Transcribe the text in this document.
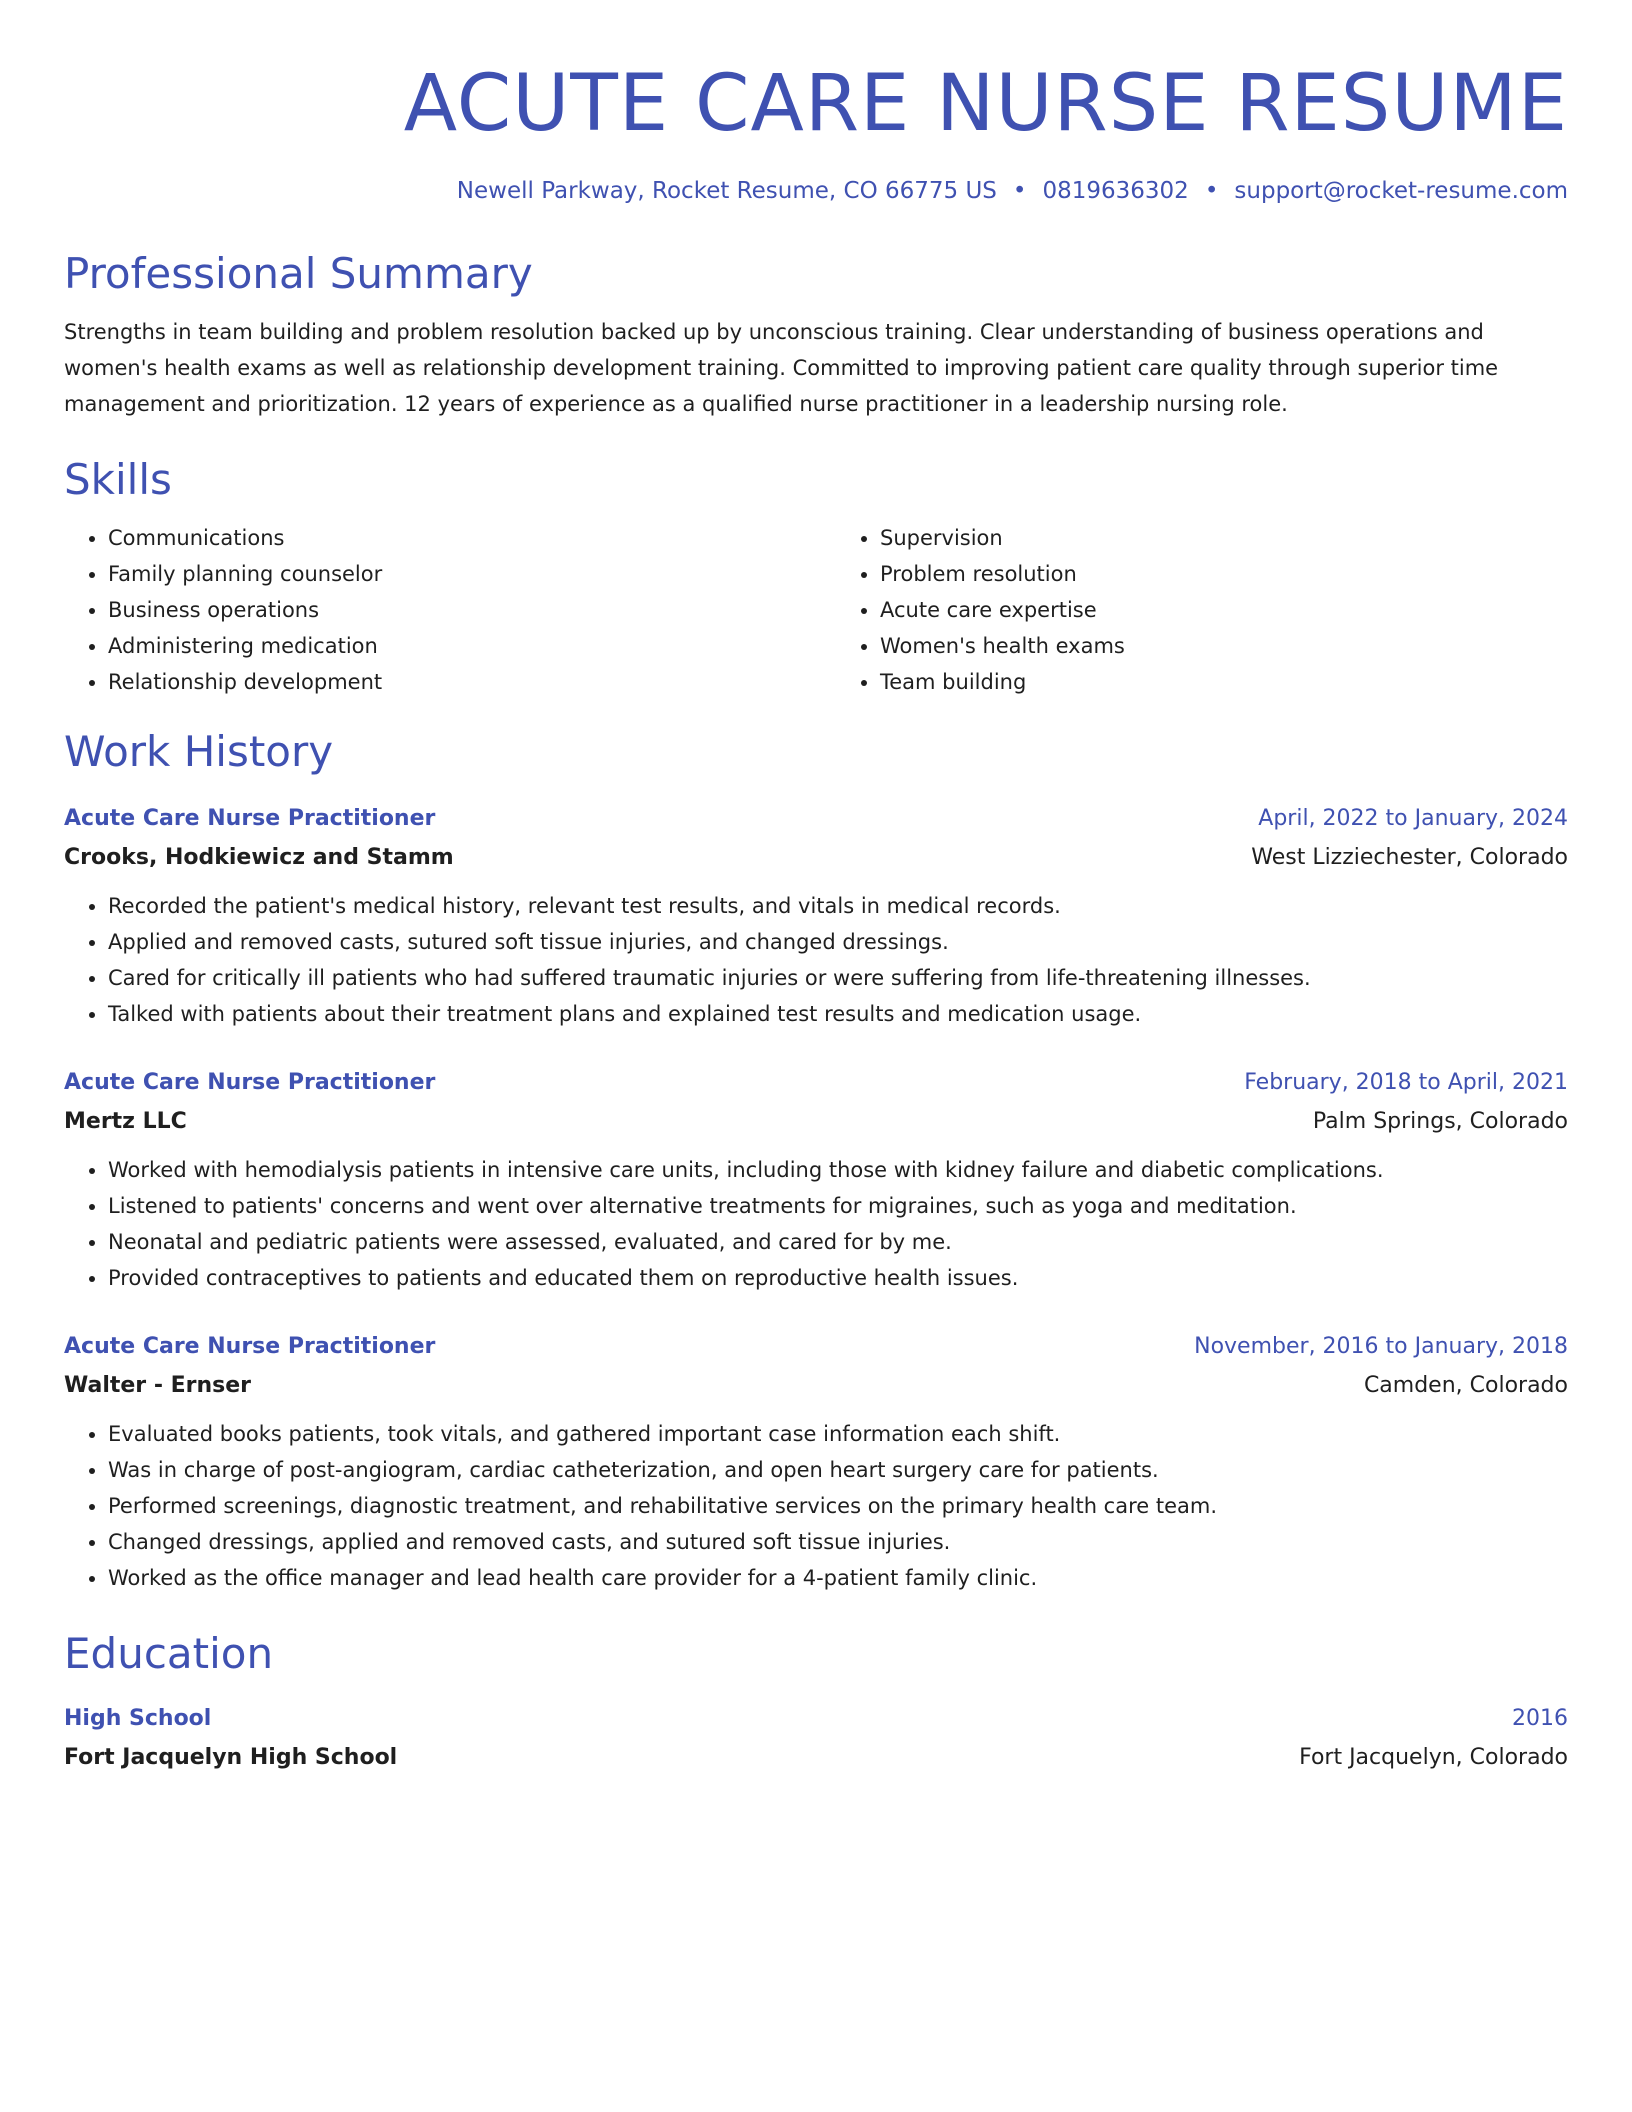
ACUTE CARE NURSE RESUME
Newell Parkway, Rocket Resume, CO 66775 US • 0819636302 • support@rocket-resume.com
Professional Summary
Strengths in team building and problem resolution backed up by unconscious training. Clear understanding of business operations and women's health exams as well as relationship development training. Committed to improving patient care quality through superior time management and prioritization. 12 years of experience as a qualified nurse practitioner in a leadership nursing role.
Skills
• Communications
• Family planning counselor
• Business operations
• Administering medication
• Relationship development
• Supervision
• Problem resolution
• Acute care expertise
• Women's health exams
• Team building
Work History
Acute Care Nurse Practitioner	April, 2022 to January, 2024
Crooks, Hodkiewicz and Stamm	West Lizziechester, Colorado
• Recorded the patient's medical history, relevant test results, and vitals in medical records.
• Applied and removed casts, sutured soft tissue injuries, and changed dressings.
• Cared for critically ill patients who had suffered traumatic injuries or were suffering from life-threatening illnesses.
• Talked with patients about their treatment plans and explained test results and medication usage.
Acute Care Nurse Practitioner	February, 2018 to April, 2021
Mertz LLC	Palm Springs, Colorado
• Worked with hemodialysis patients in intensive care units, including those with kidney failure and diabetic complications.
• Listened to patients' concerns and went over alternative treatments for migraines, such as yoga and meditation.
• Neonatal and pediatric patients were assessed, evaluated, and cared for by me.
• Provided contraceptives to patients and educated them on reproductive health issues.
Acute Care Nurse Practitioner	November, 2016 to January, 2018
Walter - Ernser	Camden, Colorado
• Evaluated books patients, took vitals, and gathered important case information each shift.
• Was in charge of post-angiogram, cardiac catheterization, and open heart surgery care for patients.
• Performed screenings, diagnostic treatment, and rehabilitative services on the primary health care team.
• Changed dressings, applied and removed casts, and sutured soft tissue injuries.
• Worked as the office manager and lead health care provider for a 4-patient family clinic.
Education
High School	2016
Fort Jacquelyn High School	Fort Jacquelyn, Colorado
